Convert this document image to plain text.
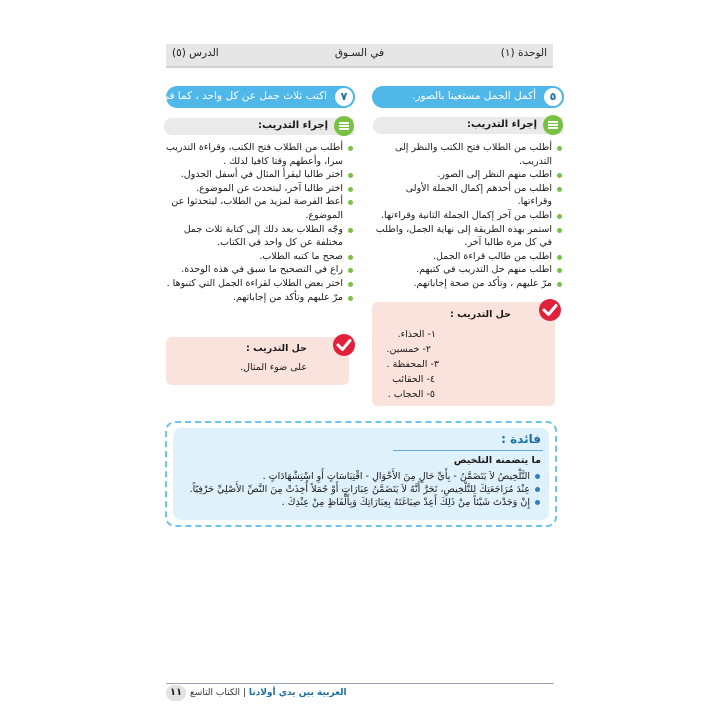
الوحدة (١)
في السـوق
الدرس (٥)
٥
أكمل الجمل مستعينا بالصور.
إجراء التدريب:
أطلب من الطلاب فتح الكتب والنظر إلى التدريب.
اطلب منهم النظر إلى الصور.
اطلب من أحدهم إكمال الجملة الأولى وقراءتها.
اطلب من آخر إكمال الجملة الثانية وقراءتها.
استمر بهذه الطريقة إلى نهاية الجمل، واطلب في كل مرة طالبا آخر.
اطلب من طالب قراءة الجمل.
اطلب منهم حل التدريب في كتبهم.
مرّ عليهم ، وتأكد من صحة إجاباتهم.
حل التدريب :
١- الحذاء.
٢- خمسين.
٣- المحفظة .
٤- الحقائب
٥- الحجاب .
٧
اكتب ثلاث جمل عن كل واحد ، كما في المثال.
إجراء التدريب:
أطلب من الطلاب فتح الكتب، وقراءة التدريب سرا، وأعطهم وقتا كافيا لذلك .
اختر طالبا ليقرأ المثال في أسفل الجدول.
اختر طالبا آخر، ليتحدث عن الموضوع.
أعط الفرصة لمزيد من الطلاب، ليتحدثوا عن الموضوع.
وجّه الطلاب بعد ذلك إلى كتابة ثلاث جمل مختلفة عن كل واحد في الكتاب.
صحح ما كتبه الطلاب.
راع في التصحيح ما سبق في هذه الوحدة.
اختر بعض الطلاب لقراءة الجمل التي كتبوها .
مرّ عليهم وتأكد من إجاباتهم.
حل التدريب :
على ضوء المثال.
فائدة :
ما يتضمنه التلخيص
التَّلْخِيصُ لاَ يَتَضَمَّنُ - بِأَيِّ حَالٍ مِنَ الأَحْوَالِ - اقْتِبَاسَاتٍ أَوِ اسْتِشْهَادَاتٍ .
عِنْدَ مُرَاجَعَتِكَ لِلتَّلْخِيصِ، تَحَرَّ أَنَّهُ لاَ يَتَضَمَّنُ عِبَارَاتٍ أَوْ جُمَلاً أُخِذَتْ مِنَ النَّصِّ الأَصْلِيِّ حَرْفِيّاً.
إِنْ وَجَدْتَ شَيْئاً مِنْ ذَلِكَ أَعِدْ صِيَاغَتَهُ بِعِبَارَاتِكَ وَبِأَلْفَاظٍ مِنْ عِنْدِكَ .
١١	العربية بين يدي أولادنا | الكتاب التاسع
